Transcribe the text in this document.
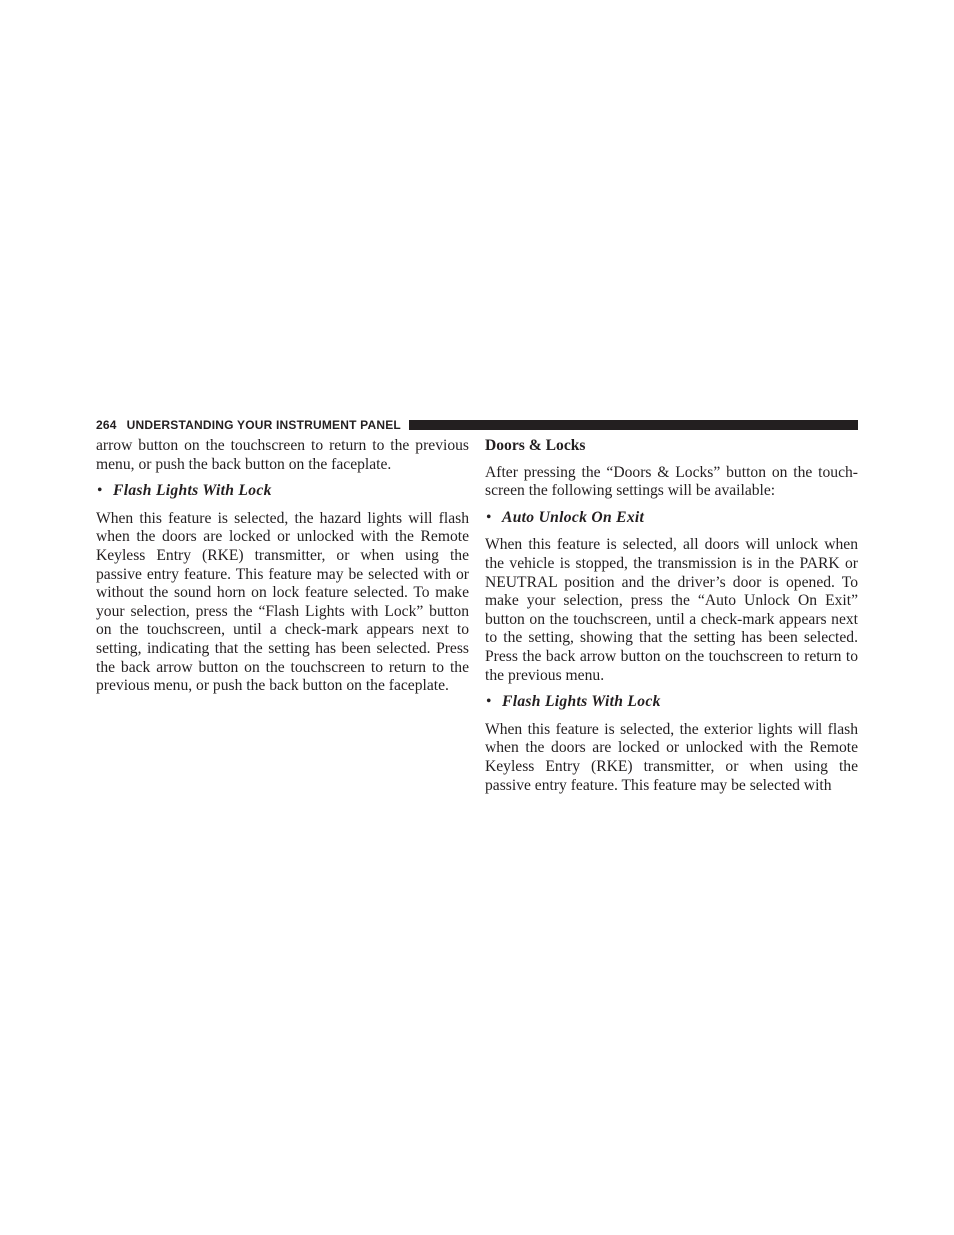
264 UNDERSTANDING YOUR INSTRUMENT PANEL

arrow button on the touchscreen to return to the previous menu, or push the back button on the faceplate.

• Flash Lights With Lock

When this feature is selected, the hazard lights will flash when the doors are locked or unlocked with the Remote Keyless Entry (RKE) transmitter, or when using the passive entry feature. This feature may be selected with or without the sound horn on lock feature selected. To make your selection, press the “Flash Lights with Lock” button on the touchscreen, until a check-mark appears next to setting, indicating that the setting has been selected. Press the back arrow button on the touchscreen to return to the previous menu, or push the back button on the faceplate.

Doors & Locks

After pressing the “Doors & Locks” button on the touchscreen the following settings will be available:

• Auto Unlock On Exit

When this feature is selected, all doors will unlock when the vehicle is stopped, the transmission is in the PARK or NEUTRAL position and the driver’s door is opened. To make your selection, press the “Auto Unlock On Exit” button on the touchscreen, until a check-mark appears next to the setting, showing that the setting has been selected. Press the back arrow button on the touchscreen to return to the previous menu.

• Flash Lights With Lock

When this feature is selected, the exterior lights will flash when the doors are locked or unlocked with the Remote Keyless Entry (RKE) transmitter, or when using the passive entry feature. This feature may be selected with
